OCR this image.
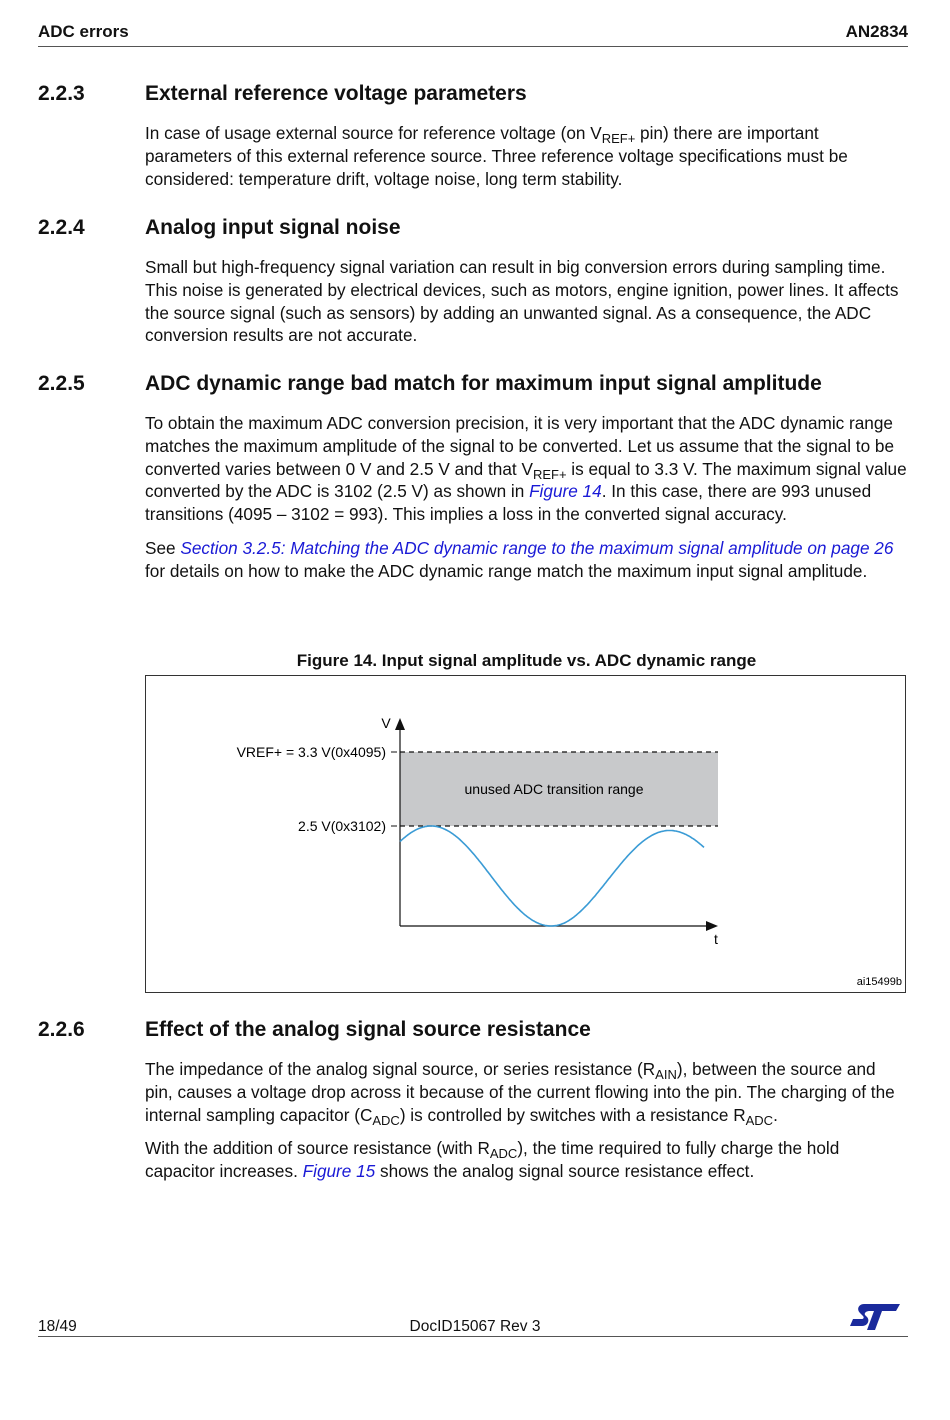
ADC errors	AN2834
2.2.3	External reference voltage parameters

In case of usage external source for reference voltage (on $V_{REF+}$ pin) there are important parameters of this external reference source. Three reference voltage specifications must be considered: temperature drift, voltage noise, long term stability.

2.2.4	Analog input signal noise

Small but high-frequency signal variation can result in big conversion errors during sampling time. This noise is generated by electrical devices, such as motors, engine ignition, power lines. It affects the source signal (such as sensors) by adding an unwanted signal. As a consequence, the ADC conversion results are not accurate.

2.2.5	ADC dynamic range bad match for maximum input signal amplitude

To obtain the maximum ADC conversion precision, it is very important that the ADC dynamic range matches the maximum amplitude of the signal to be converted. Let us assume that the signal to be converted varies between 0 V and 2.5 V and that $V_{REF+}$ is equal to 3.3 V. The maximum signal value converted by the ADC is 3102 (2.5 V) as shown in Figure 14. In this case, there are 993 unused transitions (4095 – 3102 = 993). This implies a loss in the converted signal accuracy.

See Section 3.2.5: Matching the ADC dynamic range to the maximum signal amplitude on page 26 for details on how to make the ADC dynamic range match the maximum input signal amplitude.

Figure 14. Input signal amplitude vs. ADC dynamic range
V
t
VREF+ = 3.3 V(0x4095)
2.5 V(0x3102)
unused ADC transition range
ai15499b
2.2.6	Effect of the analog signal source resistance

The impedance of the analog signal source, or series resistance $(R_{AIN})$, between the source and pin, causes a voltage drop across it because of the current flowing into the pin. The charging of the internal sampling capacitor $(C_{ADC})$ is controlled by switches with a resistance $R_{ADC}$.

With the addition of source resistance (with $R_{ADC}$), the time required to fully charge the hold capacitor increases. Figure 15 shows the analog signal source resistance effect.

18/49	DocID15067 Rev 3
